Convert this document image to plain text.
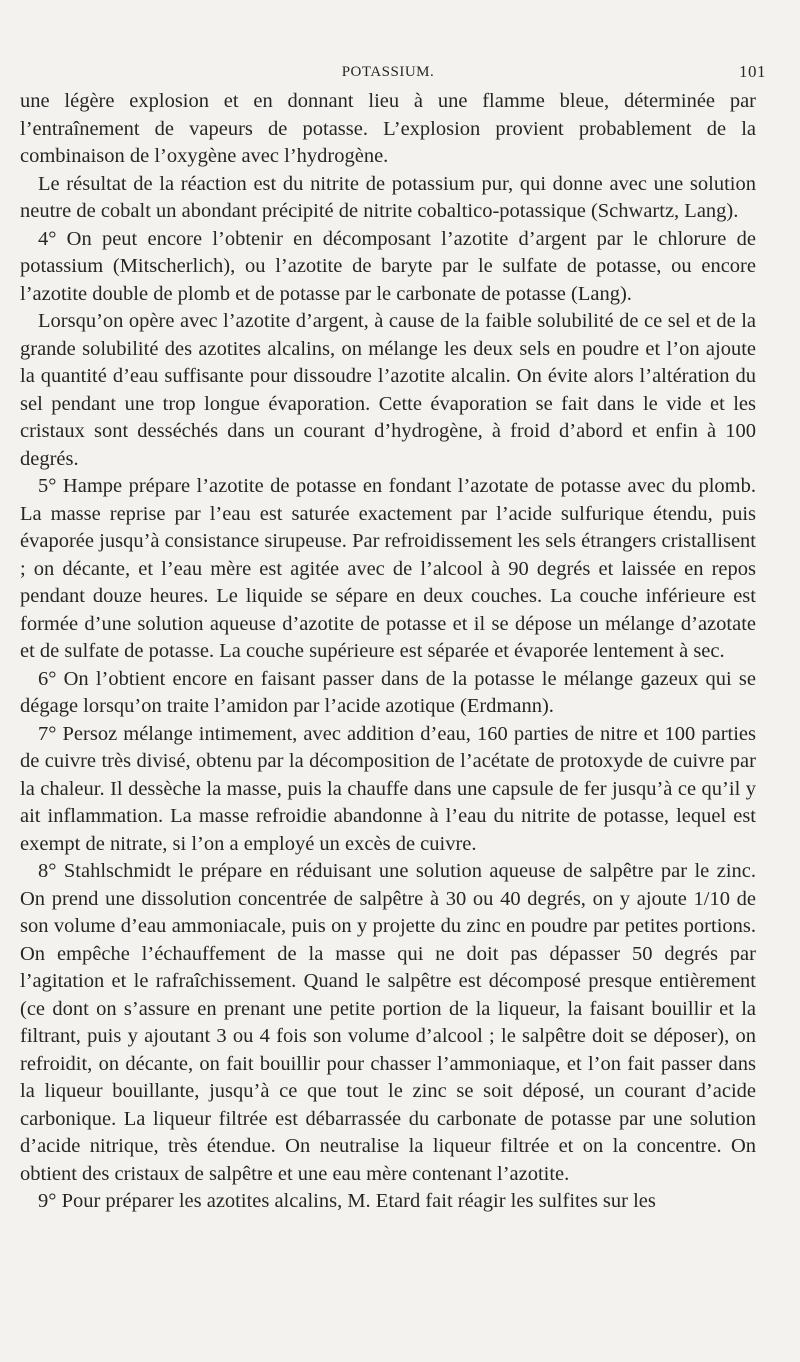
POTASSIUM.	101

une légère explosion et en donnant lieu à une flamme bleue, déterminée par l’entraînement de vapeurs de potasse. L’explosion provient probablement de la combinaison de l’oxygène avec l’hydrogène.

Le résultat de la réaction est du nitrite de potassium pur, qui donne avec une solution neutre de cobalt un abondant précipité de nitrite cobaltico-potassique (Schwartz, Lang).

4° On peut encore l’obtenir en décomposant l’azotite d’argent par le chlorure de potassium (Mitscherlich), ou l’azotite de baryte par le sulfate de potasse, ou encore l’azotite double de plomb et de potasse par le carbonate de potasse (Lang).

Lorsqu’on opère avec l’azotite d’argent, à cause de la faible solubilité de ce sel et de la grande solubilité des azotites alcalins, on mélange les deux sels en poudre et l’on ajoute la quantité d’eau suffisante pour dissoudre l’azotite alcalin. On évite alors l’altération du sel pendant une trop longue évaporation. Cette évaporation se fait dans le vide et les cristaux sont desséchés dans un courant d’hydrogène, à froid d’abord et enfin à 100 degrés.

5° Hampe prépare l’azotite de potasse en fondant l’azotate de potasse avec du plomb. La masse reprise par l’eau est saturée exactement par l’acide sulfurique étendu, puis évaporée jusqu’à consistance sirupeuse. Par refroidissement les sels étrangers cristallisent ; on décante, et l’eau mère est agitée avec de l’alcool à 90 degrés et laissée en repos pendant douze heures. Le liquide se sépare en deux couches. La couche inférieure est formée d’une solution aqueuse d’azotite de potasse et il se dépose un mélange d’azotate et de sulfate de potasse. La couche supérieure est séparée et évaporée lentement à sec.

6° On l’obtient encore en faisant passer dans de la potasse le mélange gazeux qui se dégage lorsqu’on traite l’amidon par l’acide azotique (Erdmann).

7° Persoz mélange intimement, avec addition d’eau, 160 parties de nitre et 100 parties de cuivre très divisé, obtenu par la décomposition de l’acétate de protoxyde de cuivre par la chaleur. Il dessèche la masse, puis la chauffe dans une capsule de fer jusqu’à ce qu’il y ait inflammation. La masse refroidie abandonne à l’eau du nitrite de potasse, lequel est exempt de nitrate, si l’on a employé un excès de cuivre.

8° Stahlschmidt le prépare en réduisant une solution aqueuse de salpêtre par le zinc. On prend une dissolution concentrée de salpêtre à 30 ou 40 degrés, on y ajoute 1/10 de son volume d’eau ammoniacale, puis on y projette du zinc en poudre par petites portions. On empêche l’échauffement de la masse qui ne doit pas dépasser 50 degrés par l’agitation et le rafraîchissement. Quand le salpêtre est décomposé presque entièrement (ce dont on s’assure en prenant une petite portion de la liqueur, la faisant bouillir et la filtrant, puis y ajoutant 3 ou 4 fois son volume d’alcool ; le salpêtre doit se déposer), on refroidit, on décante, on fait bouillir pour chasser l’ammoniaque, et l’on fait passer dans la liqueur bouillante, jusqu’à ce que tout le zinc se soit déposé, un courant d’acide carbonique. La liqueur filtrée est débarrassée du carbonate de potasse par une solution d’acide nitrique, très étendue. On neutralise la liqueur filtrée et on la concentre. On obtient des cristaux de salpêtre et une eau mère contenant l’azotite.

9° Pour préparer les azotites alcalins, M. Etard fait réagir les sulfites sur les
